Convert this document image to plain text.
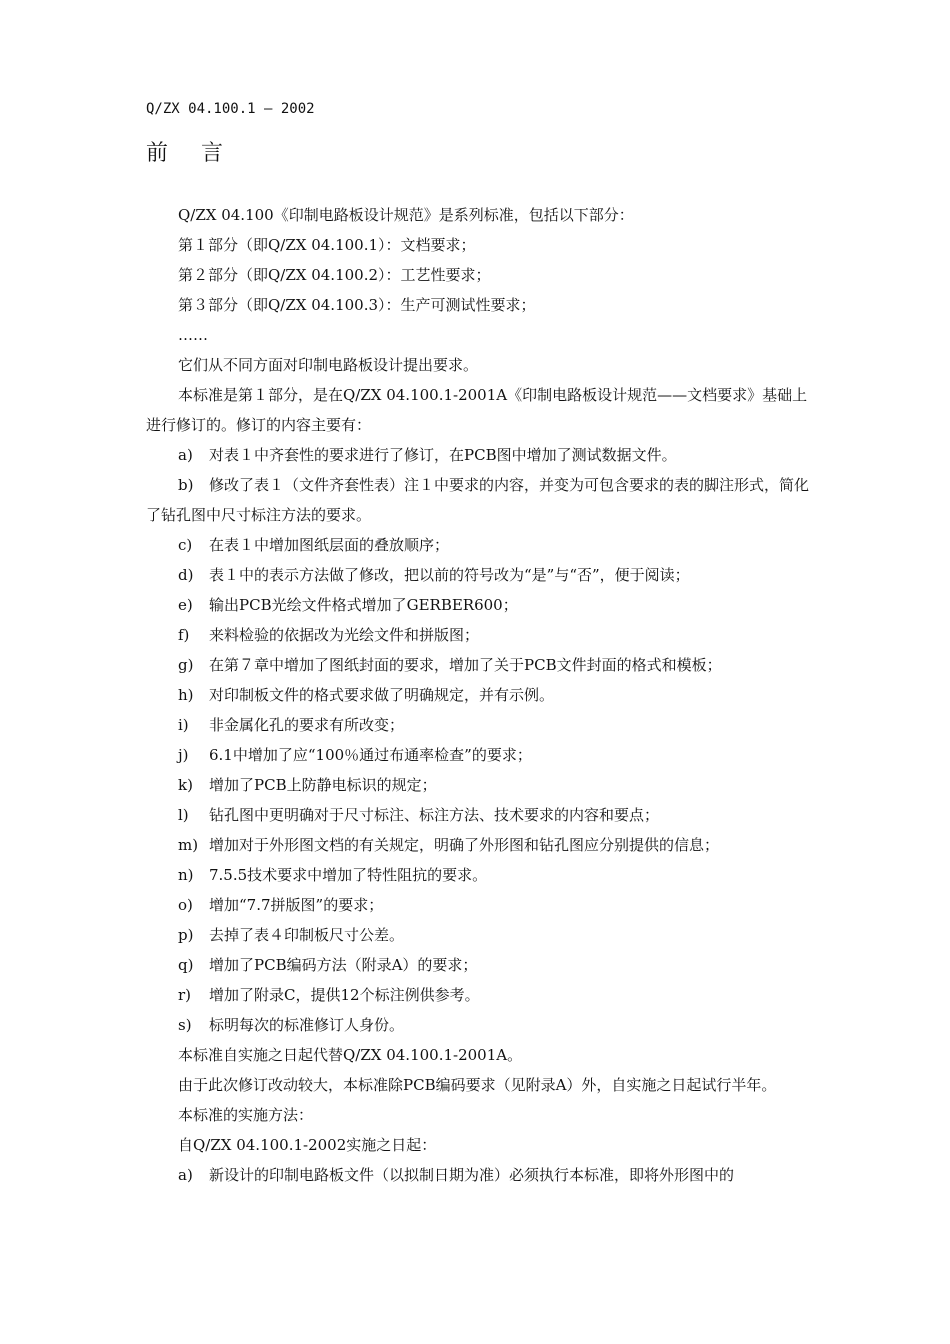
Q/ZX 04.100.1 – 2002
前    言

Q/ZX 04.100《印制电路板设计规范》是系列标准，包括以下部分：

第１部分（即Q/ZX 04.100.1）：文档要求；

第２部分（即Q/ZX 04.100.2）：工艺性要求；

第３部分（即Q/ZX 04.100.3）：生产可测试性要求；

……

它们从不同方面对印制电路板设计提出要求。

本标准是第１部分，是在Q/ZX 04.100.1-2001A《印制电路板设计规范——文档要求》基础上进行修订的。修订的内容主要有：

a) 对表１中齐套性的要求进行了修订，在PCB图中增加了测试数据文件。

b) 修改了表１（文件齐套性表）注１中要求的内容，并变为可包含要求的表的脚注形式，简化了钻孔图中尺寸标注方法的要求。

c) 在表１中增加图纸层面的叠放顺序；

d) 表１中的表示方法做了修改，把以前的符号改为“是”与“否”，便于阅读；

e) 输出PCB光绘文件格式增加了GERBER600；

f) 来料检验的依据改为光绘文件和拼版图；

g) 在第７章中增加了图纸封面的要求，增加了关于PCB文件封面的格式和模板；

h) 对印制板文件的格式要求做了明确规定，并有示例。

i) 非金属化孔的要求有所改变；

j) 6.1中增加了应“100％通过布通率检查”的要求；

k) 增加了PCB上防静电标识的规定；

l) 钻孔图中更明确对于尺寸标注、标注方法、技术要求的内容和要点；

m) 增加对于外形图文档的有关规定，明确了外形图和钻孔图应分别提供的信息；

n) 7.5.5技术要求中增加了特性阻抗的要求。

o) 增加“7.7拼版图”的要求；

p) 去掉了表４印制板尺寸公差。

q) 增加了PCB编码方法（附录A）的要求；

r) 增加了附录C，提供12个标注例供参考。

s) 标明每次的标准修订人身份。

本标准自实施之日起代替Q/ZX 04.100.1-2001A。

由于此次修订改动较大，本标准除PCB编码要求（见附录A）外，自实施之日起试行半年。

本标准的实施方法：

自Q/ZX 04.100.1-2002实施之日起：

a) 新设计的印制电路板文件（以拟制日期为准）必须执行本标准，即将外形图中的
